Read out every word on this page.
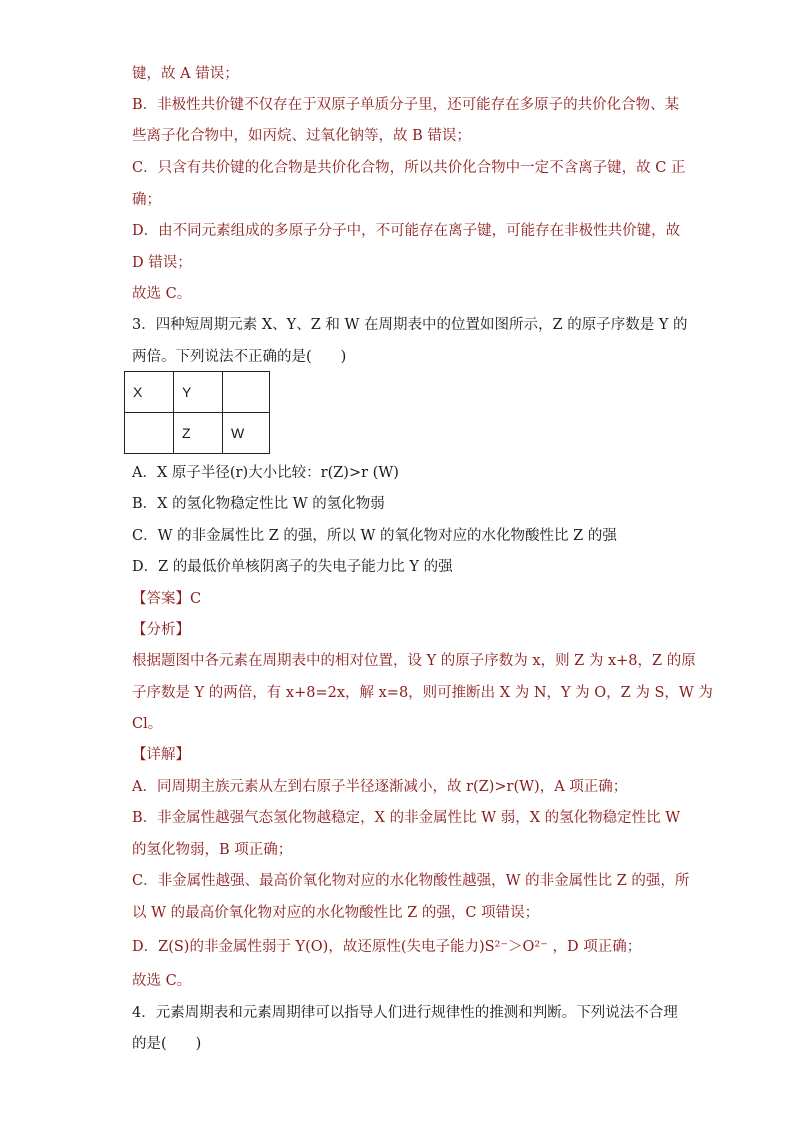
键，故 A 错误；
B．非极性共价键不仅存在于双原子单质分子里，还可能存在多原子的共价化合物、某
些离子化合物中，如丙烷、过氧化钠等，故 B 错误；
C．只含有共价键的化合物是共价化合物，所以共价化合物中一定不含离子键，故 C 正
确；
D．由不同元素组成的多原子分子中，不可能存在离子键，可能存在非极性共价键，故
D 错误；
故选 C。
3．四种短周期元素 X、Y、Z 和 W 在周期表中的位置如图所示，Z 的原子序数是 Y 的
两倍。下列说法不正确的是(　　)
A．X 原子半径(r)大小比较：r(Z)>r (W)
B．X 的氢化物稳定性比 W 的氢化物弱
C．W 的非金属性比 Z 的强，所以 W 的氧化物对应的水化物酸性比 Z 的强
D．Z 的最低价单核阴离子的失电子能力比 Y 的强
【答案】C
【分析】
根据题图中各元素在周期表中的相对位置，设 Y 的原子序数为 x，则 Z 为 x+8，Z 的原
子序数是 Y 的两倍，有 x+8=2x，解 x=8，则可推断出 X 为 N，Y 为 O，Z 为 S，W 为
Cl。
【详解】
A．同周期主族元素从左到右原子半径逐渐减小，故 r(Z)>r(W)，A 项正确；
B．非金属性越强气态氢化物越稳定，X 的非金属性比 W 弱，X 的氢化物稳定性比 W
的氢化物弱，B 项正确；
C．非金属性越强、最高价氧化物对应的水化物酸性越强，W 的非金属性比 Z 的强，所
以 W 的最高价氧化物对应的水化物酸性比 Z 的强，C 项错误；
D．Z(S)的非金属性弱于 Y(O)，故还原性(失电子能力)S²⁻＞O²⁻ ，D 项正确；
故选 C。
4．元素周期表和元素周期律可以指导人们进行规律性的推测和判断。下列说法不合理
的是(　　)
X	Y	
	Z	W
